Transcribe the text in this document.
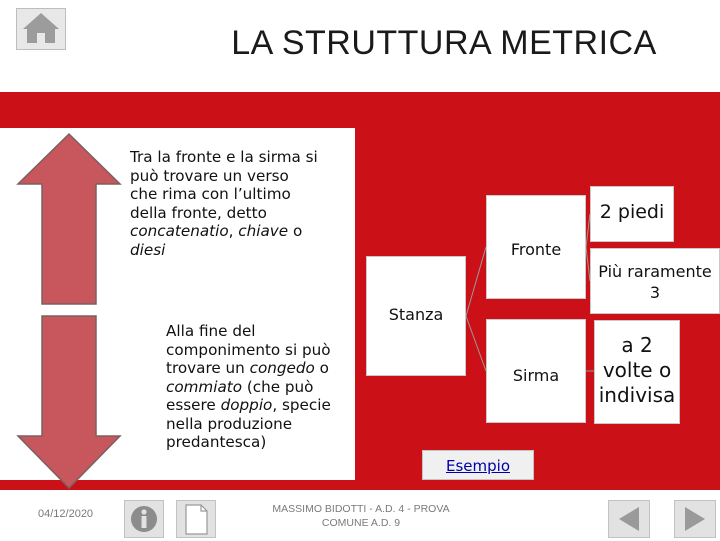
LA STRUTTURA METRICA
Tra la fronte e la sirma si può trovare un verso che rima con l’ultimo della fronte, detto concatenatio, chiave o diesi
Alla fine del componimento si può trovare un congedo o commiato (che può essere doppio, specie nella produzione predantesca)
Stanza
Fronte
Sirma
2 piedi
Più raramente 3
a 2 volte o indivisa
Esempio
04/12/2020	MASSIMO BIDOTTI - A.D. 4 - PROVA COMUNE A.D. 9
